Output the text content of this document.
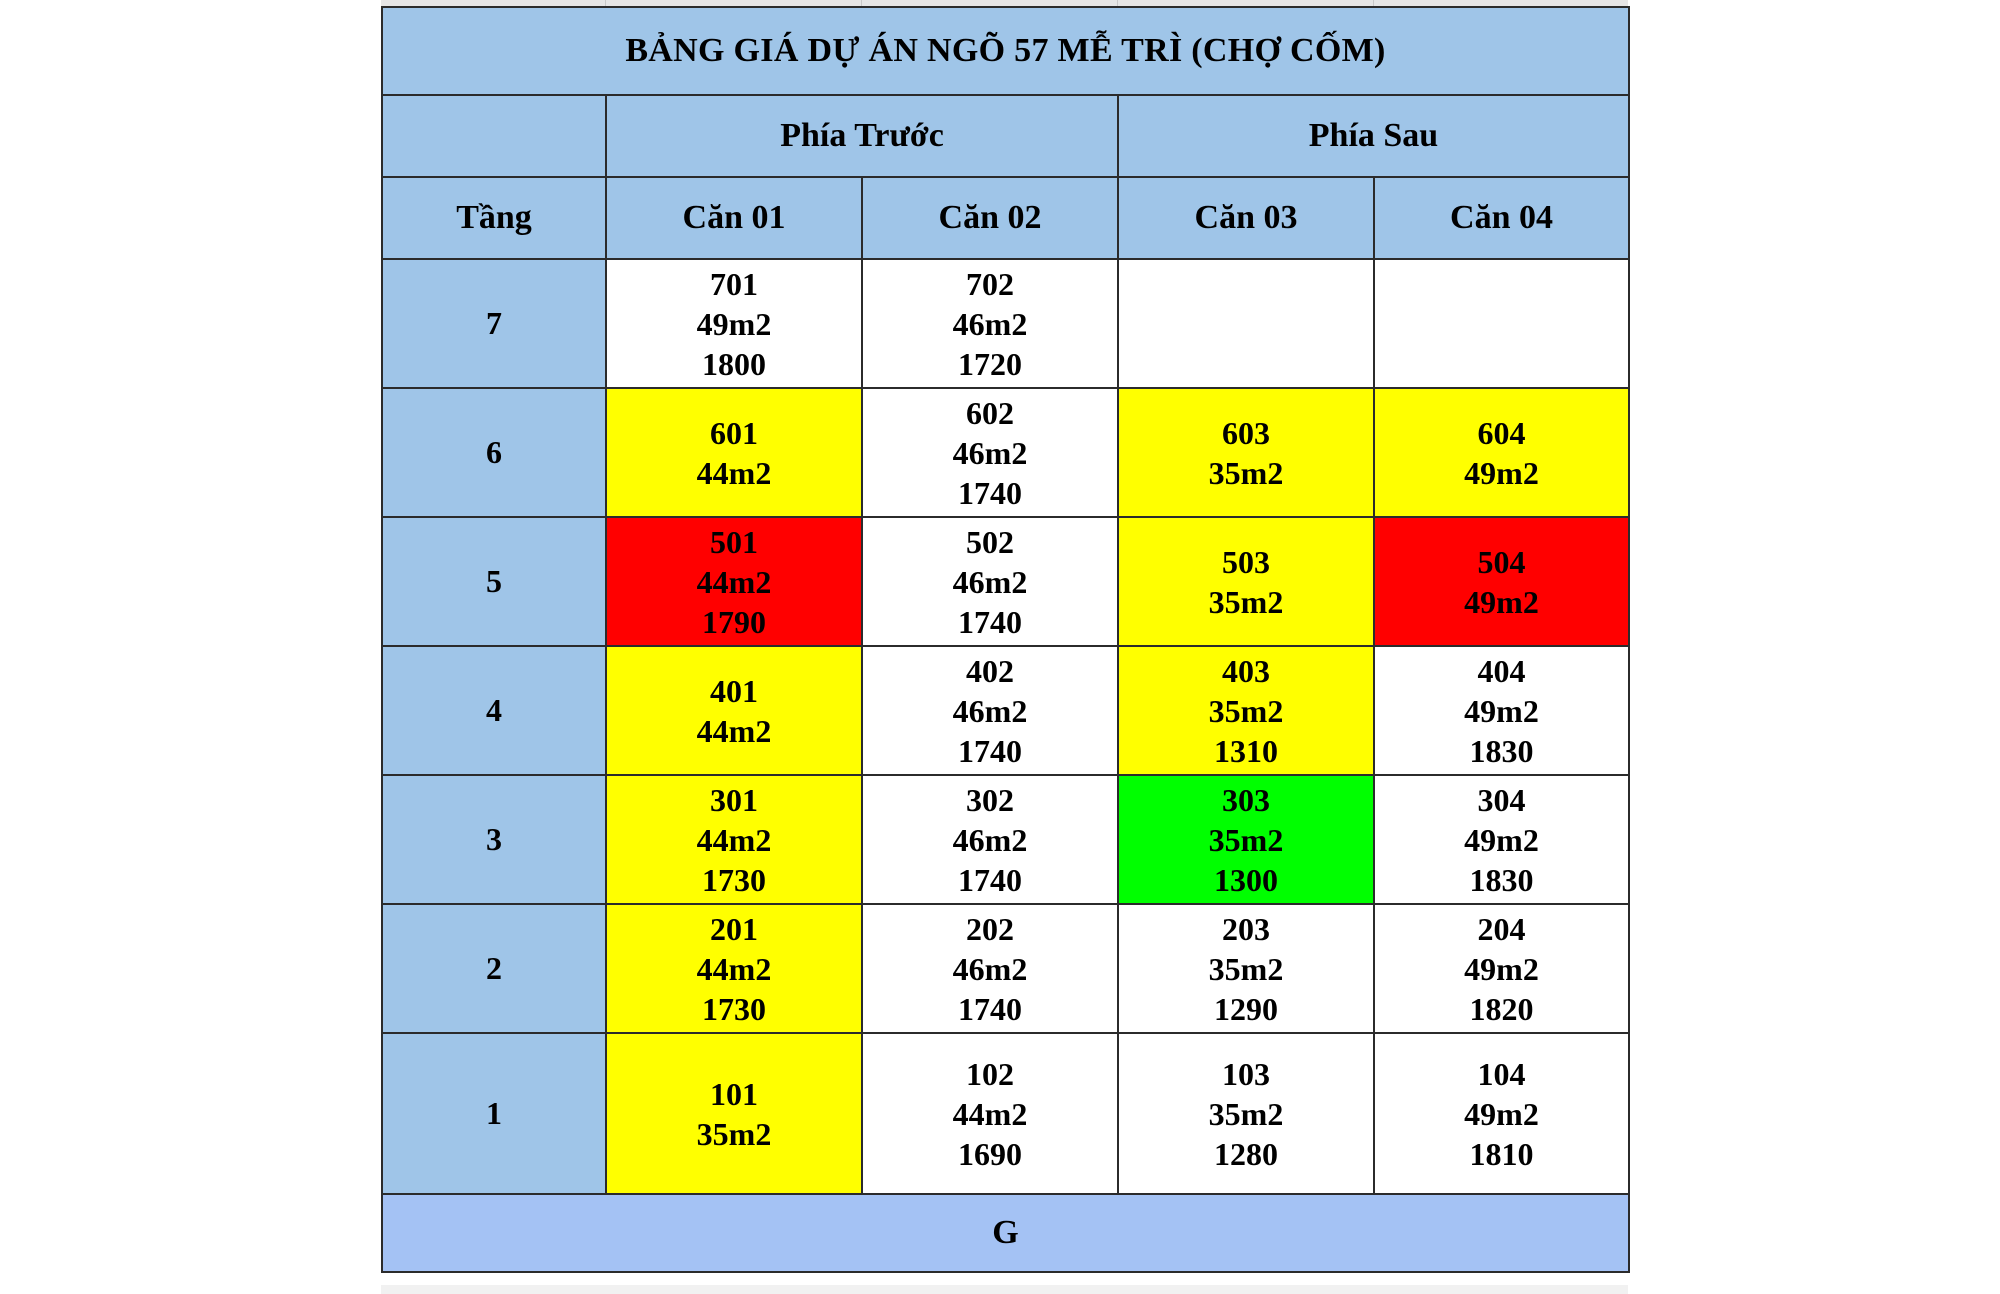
BẢNG GIÁ DỰ ÁN NGÕ 57 MỄ TRÌ (CHỢ CỐM)				
	Phía Trước		Phía Sau	
Tầng	Căn 01	Căn 02	Căn 03	Căn 04
7	701
49m2
1800	702
46m2
1720		

6	601
44m2	602
46m2
1740	603
35m2	604
49m2

5	501
44m2
1790	502
46m2
1740	503
35m2	504
49m2

4	401
44m2	402
46m2
1740	403
35m2
1310	404
49m2
1830

3	301
44m2
1730	302
46m2
1740	303
35m2
1300	304
49m2
1830

2	201
44m2
1730	202
46m2
1740	203
35m2
1290	204
49m2
1820

1	101
35m2	102
44m2
1690	103
35m2
1280	104
49m2
1810

G				
